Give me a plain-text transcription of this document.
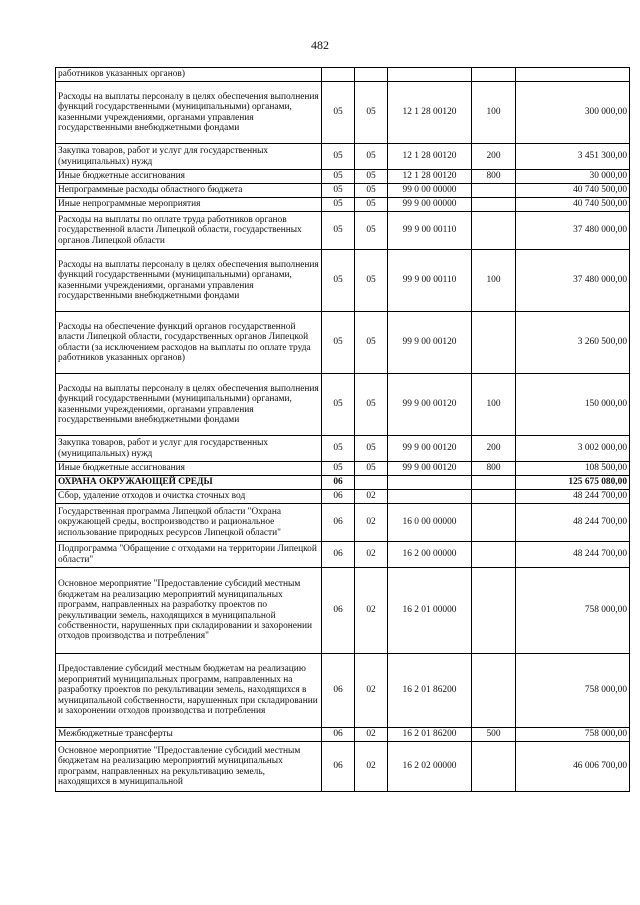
482
работников указанных органов)					
Расходы на выплаты персоналу в целях обеспечения выполнения функций государственными (муниципальными) органами, казенными учреждениями, органами управления государственными внебюджетными фондами	05	05	12 1 28 00120	100	300 000,00
Закупка товаров, работ и услуг для государственных (муниципальных) нужд	05	05	12 1 28 00120	200	3 451 300,00
Иные бюджетные ассигнования	05	05	12 1 28 00120	800	30 000,00
Непрограммные расходы областного бюджета	05	05	99 0 00 00000		40 740 500,00
Иные непрограммные мероприятия	05	05	99 9 00 00000		40 740 500,00
Расходы на выплаты по оплате труда работников органов государственной власти Липецкой области, государственных органов Липецкой области	05	05	99 9 00 00110		37 480 000,00
Расходы на выплаты персоналу в целях обеспечения выполнения функций государственными (муниципальными) органами, казенными учреждениями, органами управления государственными внебюджетными фондами	05	05	99 9 00 00110	100	37 480 000,00
Расходы на обеспечение функций органов государственной власти Липецкой области, государственных органов Липецкой области (за исключением расходов на выплаты по оплате труда работников указанных органов)	05	05	99 9 00 00120		3 260 500,00
Расходы на выплаты персоналу в целях обеспечения выполнения функций государственными (муниципальными) органами, казенными учреждениями, органами управления государственными внебюджетными фондами	05	05	99 9 00 00120	100	150 000,00
Закупка товаров, работ и услуг для государственных (муниципальных) нужд	05	05	99 9 00 00120	200	3 002 000,00
Иные бюджетные ассигнования	05	05	99 9 00 00120	800	108 500,00
ОХРАНА ОКРУЖАЮЩЕЙ СРЕДЫ	06				125 675 080,00
Сбор, удаление отходов и очистка сточных вод	06	02			48 244 700,00
Государственная программа Липецкой области "Охрана окружающей среды, воспроизводство и рациональное использование природных ресурсов Липецкой области"	06	02	16 0 00 00000		48 244 700,00
Подпрограмма "Обращение с отходами на территории Липецкой области"	06	02	16 2 00 00000		48 244 700,00
Основное мероприятие "Предоставление субсидий местным бюджетам на реализацию мероприятий муниципальных программ, направленных на разработку проектов по рекультивации земель, находящихся в муниципальной собственности, нарушенных при складировании и захоронении отходов производства и потребления"	06	02	16 2 01 00000		758 000,00
Предоставление субсидий местным бюджетам на реализацию мероприятий муниципальных программ, направленных на разработку проектов по рекультивации земель, находящихся в муниципальной собственности, нарушенных при складировании и захоронении отходов производства и потребления	06	02	16 2 01 86200		758 000,00
Межбюджетные трансферты	06	02	16 2 01 86200	500	758 000,00
Основное мероприятие "Предоставление субсидий местным бюджетам на реализацию мероприятий муниципальных программ, направленных на рекультивацию земель, находящихся в муниципальной	06	02	16 2 02 00000		46 006 700,00
